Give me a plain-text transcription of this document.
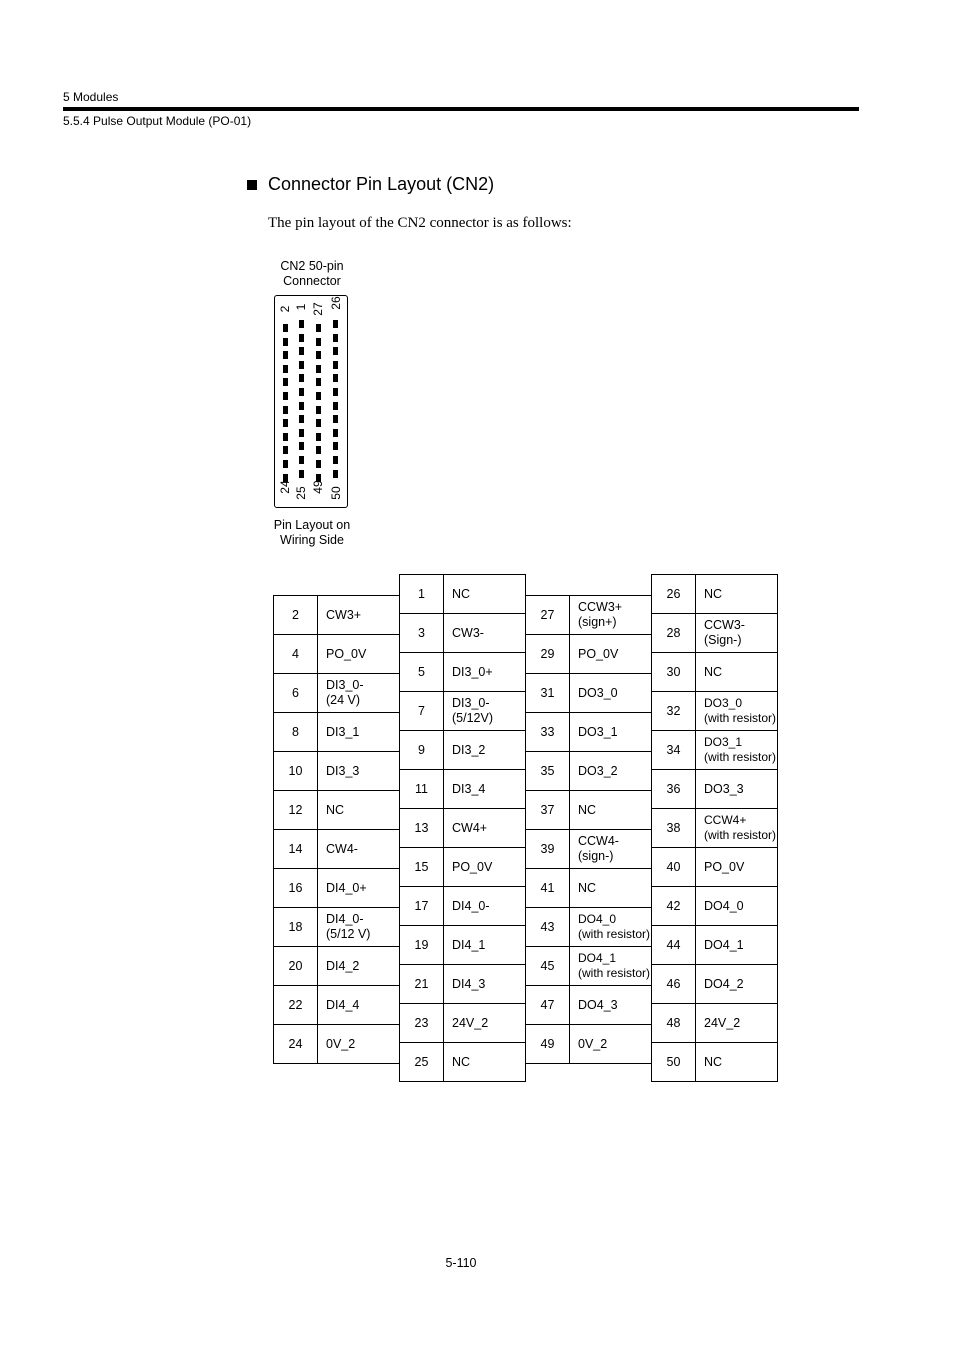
5 Modules
5.5.4 Pulse Output Module (PO-01)
Connector Pin Layout (CN2)
The pin layout of the CN2 connector is as follows:
CN2 50-pin
Connector
2 1 27 26
24 25 49 50
Pin Layout on
Wiring Side
2	CW3+

4	PO_0V

6	DI3_0-
(24 V)

8	DI3_1

10	DI3_3

12	NC

14	CW4-

16	DI4_0+

18	DI4_0-
(5/12 V)

20	DI4_2

22	DI4_4

24	0V_2
1	NC

3	CW3-

5	DI3_0+

7	DI3_0-
(5/12V)

9	DI3_2

11	DI3_4

13	CW4+

15	PO_0V

17	DI4_0-

19	DI4_1

21	DI4_3

23	24V_2

25	NC
27	CCW3+
(sign+)

29	PO_0V

31	DO3_0

33	DO3_1

35	DO3_2

37	NC

39	CCW4-
(sign-)

41	NC

43	DO4_0
(with resistor)

45	DO4_1
(with resistor)

47	DO4_3

49	0V_2
26	NC

28	CCW3-
(Sign-)

30	NC

32	DO3_0
(with resistor)

34	DO3_1
(with resistor)

36	DO3_3

38	CCW4+
(with resistor)

40	PO_0V

42	DO4_0

44	DO4_1

46	DO4_2

48	24V_2

50	NC
5-110
